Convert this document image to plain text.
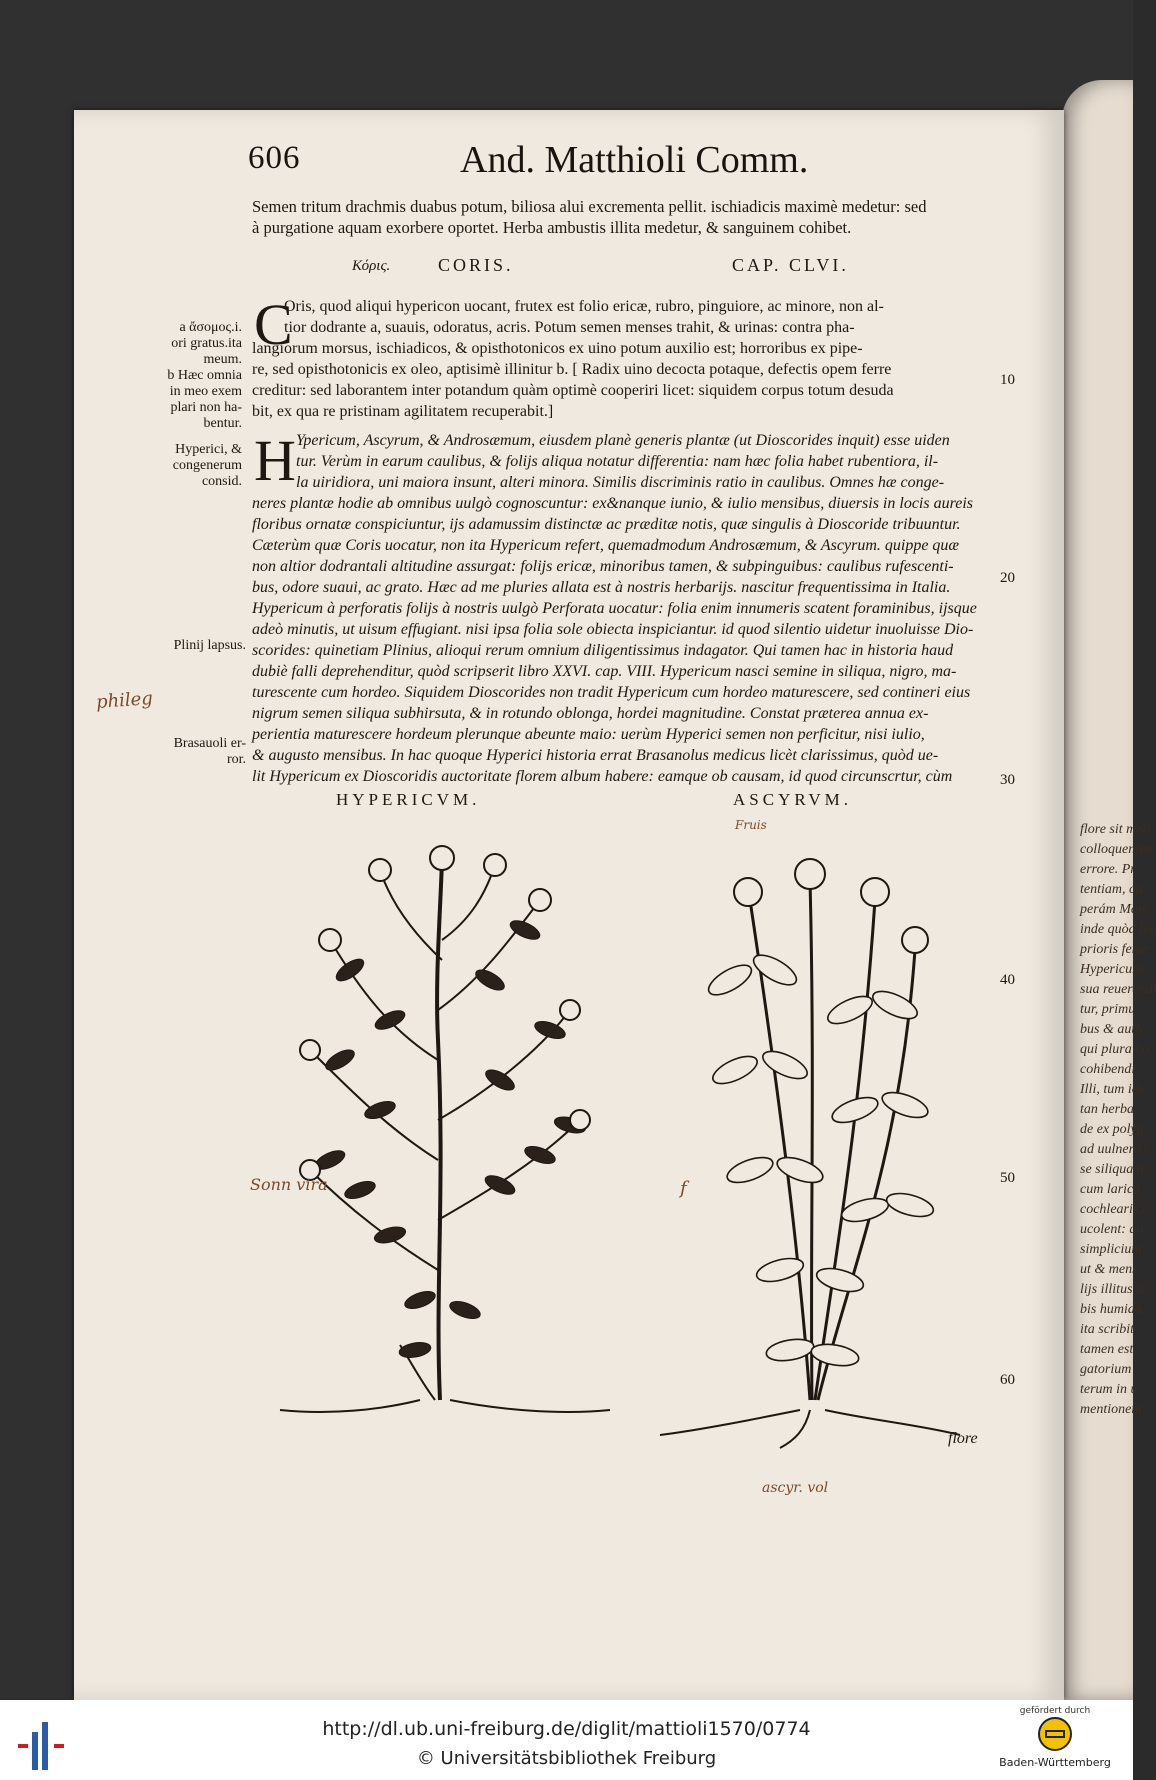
606	And. Matthioli Comm.
Semen tritum drachmis duabus potum, biliosa alui excrementa pellit. ischiadicis maximè medetur: sed
à purgatione aquam exorbere oportet. Herba ambustis illita medetur, & sanguinem cohibet.
Κόρις.	CORIS.	CAP. CLVI.
C
Oris, quod aliqui hypericon uocant, frutex est folio ericæ, rubro, pinguiore, ac minore, non al-
tior dodrante a, suauis, odoratus, acris. Potum semen menses trahit, & urinas: contra pha-
langiorum morsus, ischiadicos, & opisthotonicos ex uino potum auxilio est; horroribus ex pipe-
re, sed opisthotonicis ex oleo, aptisimè illinitur b. [ Radix uino decocta potaque, defectis opem ferre
creditur: sed laborantem inter potandum quàm optimè cooperiri licet: siquidem corpus totum desuda
bit, ex qua re pristinam agilitatem recuperabit.]
H Ypericum, Ascyrum, & Androsæmum, eiusdem planè generis plantæ (ut Dioscorides inquit) esse uiden
tur. Verùm in earum caulibus, & folijs aliqua notatur differentia: nam hæc folia habet rubentiora, il-
la uiridiora, uni maiora insunt, alteri minora. Similis discriminis ratio in caulibus. Omnes hæ conge-
neres plantæ hodie ab omnibus uulgò cognoscuntur: ex&nanque iunio, & iulio mensibus, diuersis in locis aureis
floribus ornatæ conspiciuntur, ijs adamussim distinctæ ac præditæ notis, quæ singulis à Dioscoride tribuuntur.
Cæterùm quæ Coris uocatur, non ita Hypericum refert, quemadmodum Androsæmum, & Ascyrum. quippe quæ
non altior dodrantali altitudine assurgat: folijs ericæ, minoribus tamen, & subpinguibus: caulibus rufescenti-
bus, odore suaui, ac grato. Hæc ad me pluries allata est à nostris herbarijs. nascitur frequentissima in Italia.
Hypericum à perforatis folijs à nostris uulgò Perforata uocatur: folia enim innumeris scatent foraminibus, ijsque
adeò minutis, ut uisum effugiant. nisi ipsa folia sole obiecta inspiciantur. id quod silentio uidetur inuoluisse Dio-
scorides: quinetiam Plinius, alioqui rerum omnium diligentissimus indagator. Qui tamen hac in historia haud
dubiè falli deprehenditur, quòd scripserit libro XXVI. cap. VIII. Hypericum nasci semine in siliqua, nigro, ma-
turescente cum hordeo. Siquidem Dioscorides non tradit Hypericum cum hordeo maturescere, sed contineri eius
nigrum semen siliqua subhirsuta, & in rotundo oblonga, hordei magnitudine. Constat præterea annua ex-
perientia maturescere hordeum plerunque abeunte maio: uerùm Hyperici semen non perficitur, nisi iulio,
& augusto mensibus. In hac quoque Hyperici historia errat Brasanolus medicus licèt clarissimus, quòd ue-
lit Hypericum ex Dioscoridis auctoritate florem album habere: eamque ob causam, id quod circunscrtur, cùm
a ἄσομος.i.
ori gratus.ita
meum.
b Hæc omnia
in meo exem
plari non ha-
bentur.
Hyperici, &
congenerum
consid.
Plinij lapsus.
Brasauoli er-
ror.
phileg
10
20
30
40
50
60
HYPERICVM.	ASCYRVM.
Sonn vira
Fruis
f
ascyr. vol
flore
flore sit meli
colloquenten
errore. Pr
tentiam, cù
perám Marc
inde quòd leg
prioris fente
Hypericum.
sua reuerendi
tur, primu
bus & auth
qui plura bo
cohibendi.
Illi, tum ide
tan herba,
de ex polyg
ad uulnera c
se siliqua n
cum larica
cochlearis r
ucolent: qu
simplicium
ut & mens
lijs illitus u
bis humida
ita scribit
tamen est,
gatorium
terum in u
mentionem
http://dl.ub.uni-freiburg.de/diglit/mattioli1570/0774
© Universitätsbibliothek Freiburg
gefördert durch
Baden-Württemberg
